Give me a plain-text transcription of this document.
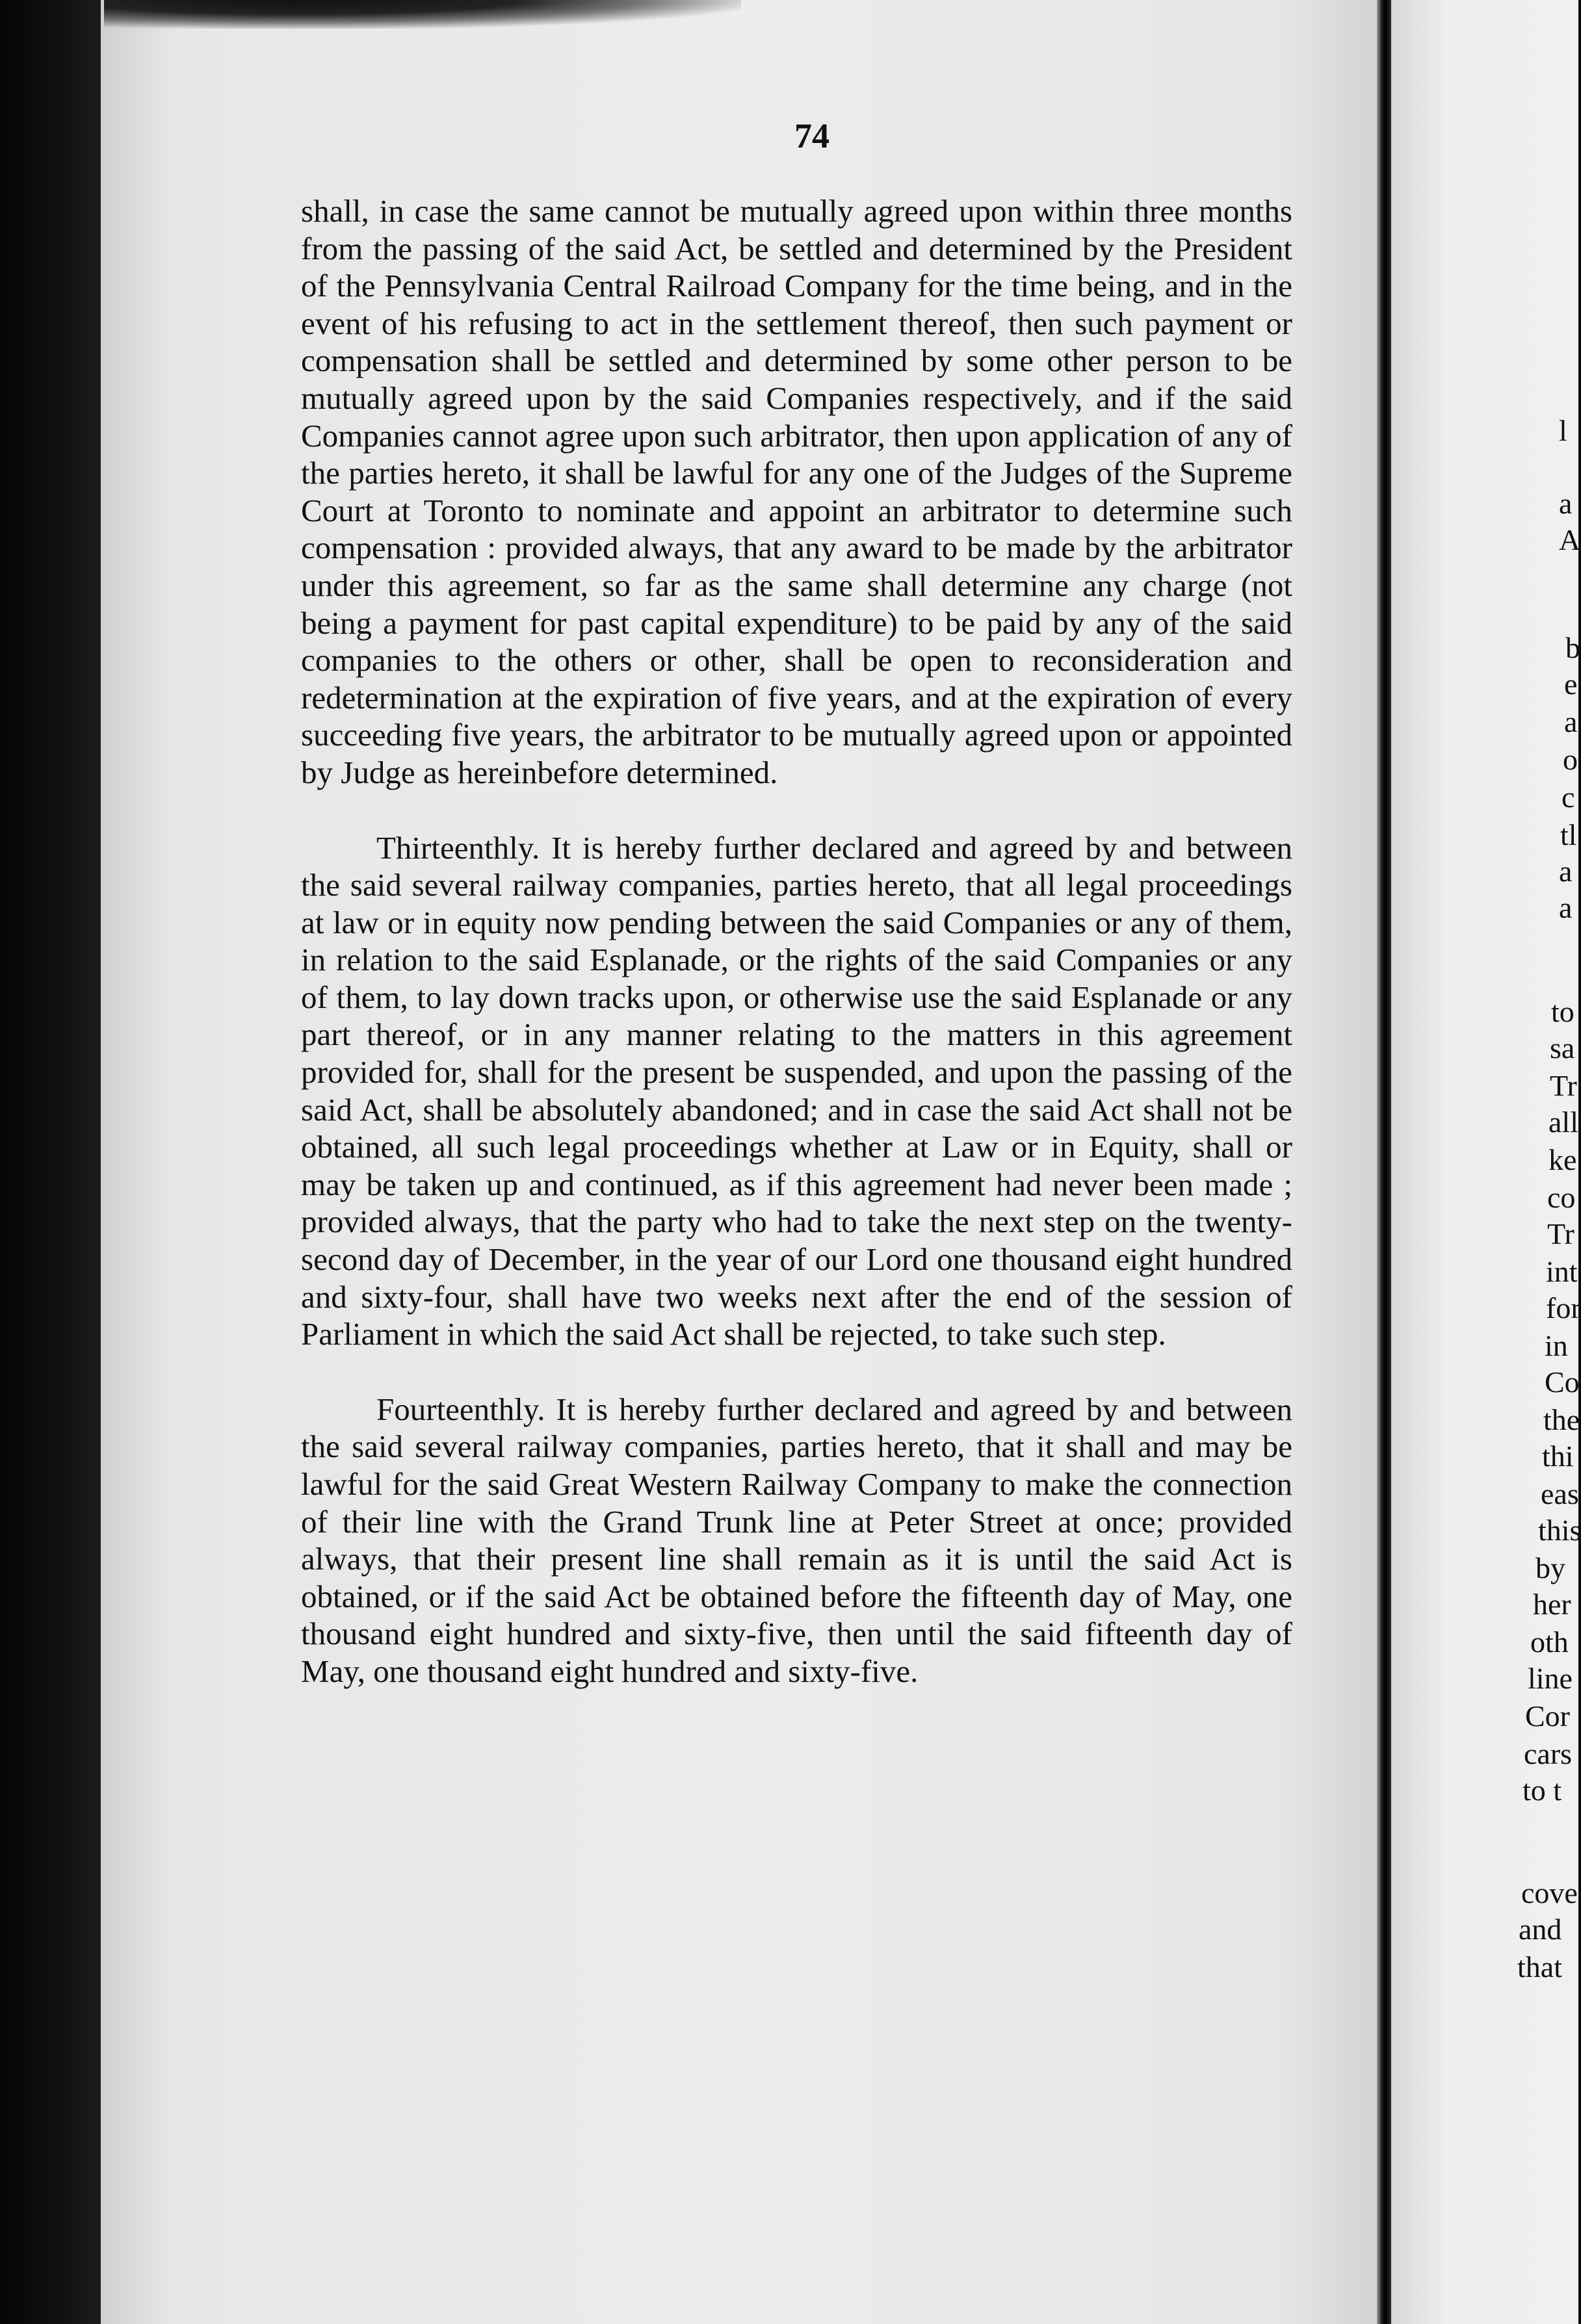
74

shall, in case the same cannot be mutually agreed upon within three months from the passing of the said Act, be settled and determined by the President of the Pennsylvania Central Railroad Company for the time being, and in the event of his refusing to act in the settlement thereof, then such payment or compensation shall be settled and determined by some other person to be mutually agreed upon by the said Companies respectively, and if the said Companies cannot agree upon such arbitrator, then upon application of any of the parties hereto, it shall be lawful for any one of the Judges of the Supreme Court at Toronto to nominate and appoint an arbitrator to determine such compensation : provided always, that any award to be made by the arbitrator under this agreement, so far as the same shall determine any charge (not being a payment for past capital expenditure) to be paid by any of the said companies to the others or other, shall be open to reconsideration and redetermination at the expiration of five years, and at the expiration of every succeeding five years, the arbitrator to be mutually agreed upon or appointed by Judge as hereinbefore determined.

Thirteenthly. It is hereby further declared and agreed by and between the said several railway companies, parties hereto, that all legal proceedings at law or in equity now pending between the said Companies or any of them, in relation to the said Esplanade, or the rights of the said Companies or any of them, to lay down tracks upon, or otherwise use the said Esplanade or any part thereof, or in any manner relating to the matters in this agreement provided for, shall for the present be suspended, and upon the passing of the said Act, shall be absolutely abandoned; and in case the said Act shall not be obtained, all such legal proceedings whether at Law or in Equity, shall or may be taken up and continued, as if this agreement had never been made ; provided always, that the party who had to take the next step on the twenty-second day of December, in the year of our Lord one thousand eight hundred and sixty-four, shall have two weeks next after the end of the session of Parliament in which the said Act shall be rejected, to take such step.

Fourteenthly. It is hereby further declared and agreed by and between the said several railway companies, parties hereto, that it shall and may be lawful for the said Great Western Railway Company to make the connection of their line with the Grand Trunk line at Peter Street at once; provided always, that their present line shall remain as it is until the said Act is obtained, or if the said Act be obtained before the fifteenth day of May, one thousand eight hundred and sixty-five, then until the said fifteenth day of May, one thousand eight hundred and sixty-five.

l
a
A
b
e
a
o
c
tl
a
a
to
sa
Tr
all
ke
co
Tr
int
for
in
Co
the
thi
eas
this
by
her
oth
line
Cor
cars
to t
cove
and
that
